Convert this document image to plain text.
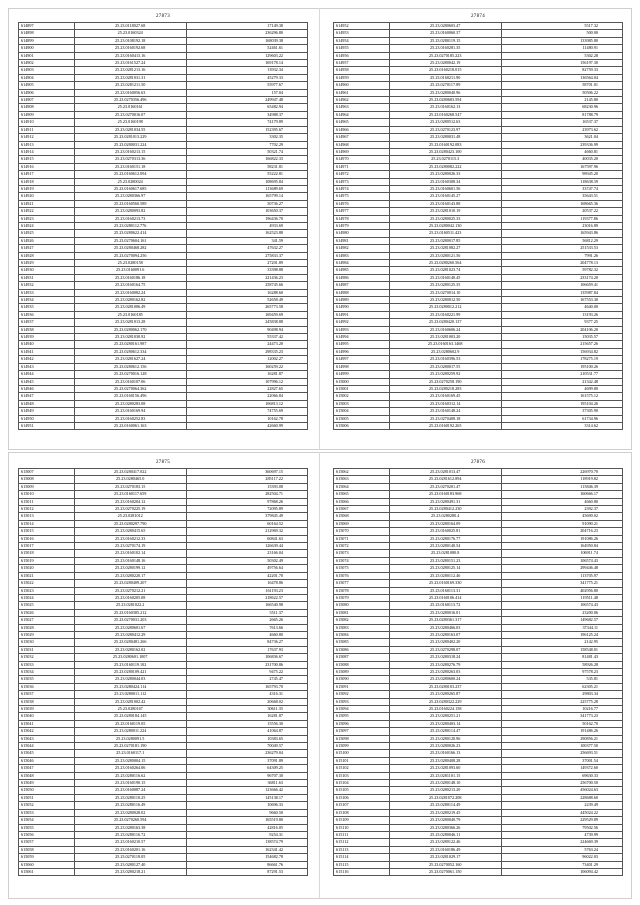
27873
614897	25.23.0118027.68	17149.38
614898	25.23.0160324	236296.80
614899	25.23.0108192.18	168039.38
614900	25.23.0160192.68	52461.61
614901	25.23.0160413.16	129603.22
614902	25.23.0161527.24	169178.14
614903	25.23.0281213.16	13932.34
614904	25.23.0281031.31	45279.33
614905	25.23.0281211.50	55977.67
614906	25.23.0160056.63	157.04
614907	25.23.0270356.496	249947.48
614908	25.23.0160161	65482.94
614909	25.23.0270016.07	34988.37
614910	25.23.0160198	74179.89
614911	25.23.0281034.55	152395.67
614912	25.23.0281013.229	3302.35
614913	25.23.0280031.224	7702.29
614914	25.23.0160213.15	50321.74
614915	25.23.0270313.36	166822.33
614916	25.23.0160151.18	58231.81
614917	25.23.0160612.094	55222.81
614918	25.23.0280024	108695.84
614919	25.23.0160617.685	113689.69
614920	25.23.0280366.97	165799.14
614921	25.23.0160560.589	50736.27
614922	25.23.0280093.82	103650.37
614923	25.23.0160213.73	196436.70
614924	25.23.0280112.776	4933.69
614925	25.23.0280622.414	162523.88
614926	25.23.0270604.161	341.59
614927	25.23.0280468.282	47632.27
614928	25.23.0270094.256	275833.37
614929	25.23.0280158	27201.89
614930	25.23.0160091.6	33398.88
614931	25.23.0160186.18	221436.23
614932	25.23.0160164.75	258745.66
614933	25.23.0160082.24	16288.60
614934	25.23.0280162.82	52658.49
614935	25.23.0281006.49	265773.58
614936	25.23.0160185	169459.69
614937	25.23.0281013.28	245838.88
614938	25.23.0280062.170	90498.94
614939	25.23.0281030.92	55337.42
614940	25.23.0280161.987	24473.20
614941	25.23.0280612.334	298335.23
614942	25.23.0281627.24	12002.27
614943	25.23.0280612.156	160259.22
614944	25.23.0270016.128	16281.87
614945	25.23.0160107.06	107996.12
614946	25.23.0270064.362	22827.65
614947	25.23.0160156.496	22066.84
614948	25.23.0280283.08	106813.12
614949	25.23.0160169.94	74755.69
614950	25.23.0160252.83	10162.78
614951	25.23.0160061.163	42660.99
27874
614952	25.23.0280603.47	5517.32
614953	25.23.0160060.37	500.00
614954	25.23.0280119.15	133985.80
614955	25.23.0160281.35	11480.91
614956	25.23.0270185.223	5302.28
614957	25.23.0280042.19	156197.30
614958	25.23.0160218.015	82759.33
614959	25.23.0160211.90	136564.04
614960	25.23.0270117.89	58701.01
614961	25.23.0280040.96	50506.22
614962	25.23.0280683.594	2145.80
614963	25.23.0160162.13	68230.96
614964	25.23.0160268.547	81788.79
614965	25.23.0280512.63	16537.37
614966	25.23.0270123.97	23973.62
614967	25.23.0280031.48	3621.04
614968	25.23.0160192.083	239336.99
614969	25.23.0280423.100	4660.81
614970	25.23.0270115.3	40035.20
614971	25.23.0280082.222	167597.96
614972	25.23.0280026.33	98945.20
614973	25.23.0160308.34	118638.39
614974	25.23.0160601.56	33747.74
614975	25.23.0160145.27	35643.51
614976	25.23.0160143.88	168665.36
614977	25.23.0281010.19	20537.22
614978	25.23.0280025.33	119377.86
614979	25.23.0280042.130	23016.89
614980	25.23.0160511.423	165943.86
614981	25.23.0280017.85	56812.29
614982	25.23.0281082.27	251533.53
614983	25.23.0280121.56	7991.26
614984	25.23.0280260.564	204778.13
614985	25.23.0281023.74	59782.32
614986	25.23.0160140.45	233174.20
614987	25.23.0280125.35	106659.41
614988	25.23.0270014.10	135987.84
614989	25.23.0280012.50	167553.30
614990	25.23.0280012.212	4640.00
614991	25.23.0160221.99	13193.26
614992	25.23.0280420.137	9377.25
614993	25.23.0160606.24	204106.20
614994	25.23.0281003.20	15035.57
614995	25.23.0160163.1468	215657.26
614996	25.23.0280602.9	156934.82
614997	25.23.0160396.53	178275.19
614998	25.23.0280017.55	195100.26
614999	25.23.0280259.92	210531.77
615000	25.23.0270258.190	21342.48
615001	25.23.0280218.283	4699.80
615002	25.23.0160169.45	161575.12
615003	25.23.0160312.14	195104.26
615004	25.23.0160148.24	37305.90
615005	25.23.0270408.18	61734.96
615006	25.23.0160192.265	3314.62
27875
615007	25.23.0280417.022	360697.15
615008	25.23.0280465.0	285117.22
615009	25.23.0270183.15	15393.08
615010	25.23.0160117.659	282504.71
615011	25.23.0160204.12	97868.26
615012	25.23.0270225.19	72095.89
615013	25.23.0281012	379845.49
615014	25.23.0280297.790	60164.52
615015	25.23.0280415.65	212969.32
615016	25.23.0160212.33	60841.63
615017	25.23.0270174.19	126639.44
615018	25.23.0160102.14	23166.04
615019	25.23.0160148.16	50302.49
615020	25.23.0280199.12	49756.64
615021	25.23.0280220.17	42201.70
615022	25.23.0280409.207	16478.86
615023	25.23.0270212.21	161193.23
615024	25.23.0160205.08	218622.57
615025	25.23.0281022.2	166540.98
615026	25.23.0160385.212	5511.37
615027	25.23.0270031.203	2665.26
615028	25.23.0280601.67	7613.66
615029	25.23.0280412.29	4660.80
615030	25.23.0280481.266	84736.27
615031	25.23.0280162.02	17637.93
615032	25.23.0280601.1007	106836.67
615033	25.23.0160119.102	231700.86
615034	25.23.0280109.421	9475.22
615035	25.23.0280044.03	2745.47
615036	25.23.0280424.114	165793.70
615037	25.23.0280011.112	4316.31
615038	25.23.0281002.42	20668.02
615039	25.23.0280167	30611.35
615040	25.23.0280184.145	16281.87
615041	25.23.0160119.05	15556.30
615042	25.23.0280011.224	41064.87
615043	25.23.0280091.5	10383.65
615044	25.23.0270181.190	70049.57
615045	25.23.0160117.1	236279.04
615046	25.23.0280004.15	37091.89
615047	25.23.0160264.06	64309.25
615048	25.23.0280116.62	96707.30
615049	25.23.0160190.15	36811.63
615050	25.23.0160087.24	123666.42
615051	25.23.0280110.25	145138.17
615052	25.23.0280116.49	10696.33
615053	25.23.0280028.02	9660.50
615054	25.23.0270260.594	165519.80
615055	25.23.0280163.38	42816.05
615056	25.23.0280116.72	9254.31
615057	25.23.0160210.57	138574.79
615058	25.23.0160201.16	162341.42
615059	25.23.0270118.05	154682.78
615060	25.23.0280127.40	86661.76
615061	25.23.0280218.21	87291.53
27876
615062	25.23.0281013.47	226970.70
615063	25.23.0281612.894	118919.82
615064	25.23.0270201.47	115846.39
615065	25.23.0160183.968	160666.17
615066	25.23.0280491.31	4660.80
615067	25.23.0280412.230	2392.37
615068	25.23.0280280.4	45690.02
615069	25.23.0280164.09	91090.21
615070	25.23.0160025.81	204716.23
615071	25.23.0280176.77	191086.26
615072	25.23.0280140.54	164950.84
615073	25.23.0281080.8	106911.74
615074	25.23.0280151.23	106574.43
615075	25.23.0280125.14	299446.48
615076	25.23.0280112.46	113705.97
615077	25.23.0160169.330	341775.21
615078	25.23.0160113.31	402956.80
615079	25.23.0160106.414	119511.48
615080	25.23.0160113.72	106574.43
615081	25.23.0280016.01	23200.06
615082	25.23.0280361.317	149682.57
615083	25.23.0280466.03	37344.11
615084	25.23.0280163.07	196125.24
615085	25.23.0280402.20	2142.95
615086	25.23.0270298.07	158548.01
615087	25.23.0280318.24	81481.43
615088	25.23.0280276.79	58926.28
615089	25.23.0280263.03	97578.23
615090	25.23.0280600.24	535.81
615091	25.23.0280103.237	62305.21
615092	25.23.0280265.87	29803.34
615093	25.23.0280322.229	225775.28
615094	25.23.0160224.158	10216.77
615095	25.23.0280251.21	341773.23
615096	25.23.0280403.14	50162.70
615097	25.23.0280114.47	191486.26
615098	25.23.0280120.96	290856.21
615099	25.23.0280026.23	100377.50
615100	25.23.0160166.13	256693.51
615101	25.23.0280408.28	37001.54
615102	25.23.0281093.60	149372.60
615103	25.23.0281101.15	69630.33
615104	25.23.0280148.10	256700.50
615105	25.23.0280213.20	456024.63
615106	25.23.0281072.208	228688.60
615107	25.23.0280114.49	2239.49
615108	25.23.0280219.45	445024.22
615109	25.23.0280040.79	229529.89
615110	25.23.0280366.26	79502.56
615111	25.23.0280046.11	4739.99
615112	25.23.0280122.46	224669.39
615113	25.23.0160186.49	5763.24
615114	25.23.0281029.17	96022.03
615115	25.23.0270052.160	73401.29
615116	25.23.0270061.150	106094.42
